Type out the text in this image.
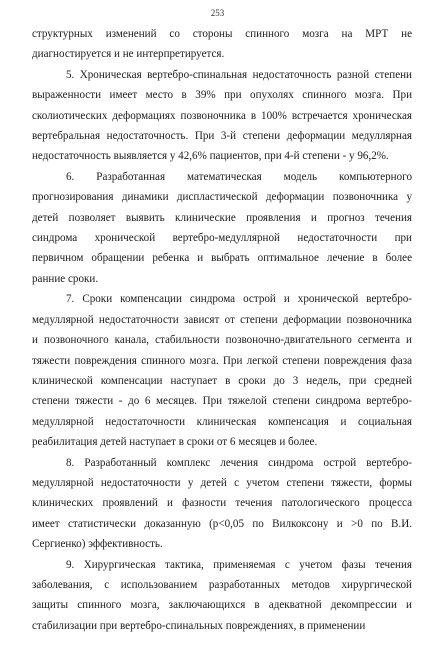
253
структурных изменений со стороны спинного мозга на МРТ не
диагностируется и не интерпретируется.
5. Хроническая вертебро-спинальная недостаточность разной степени
выраженности имеет место в 39% при опухолях спинного мозга. При
сколиотических деформациях позвоночника в 100% встречается хроническая
вертебральная недостаточность. При 3-й степени деформации медуллярная
недостаточность выявляется у 42,6% пациентов, при 4-й степени - у 96,2%.
6. Разработанная математическая модель компьютерного
прогнозирования динамики диспластической деформации позвоночника у
детей позволяет выявить клинические проявления и прогноз течения
синдрома хронической вертебро-медуллярной недостаточности при
первичном обращении ребенка и выбрать оптимальное лечение в более
ранние сроки.
7. Сроки компенсации синдрома острой и хронической вертебро-
медуллярной недостаточности зависят от степени деформации позвоночника
и позвоночного канала, стабильности позвоночно-двигательного сегмента и
тяжести повреждения спинного мозга. При легкой степени повреждения фаза
клинической компенсации наступает в сроки до 3 недель, при средней
степени тяжести - до 6 месяцев. При тяжелой степени синдрома вертебро-
медуллярной недостаточности клиническая компенсация и социальная
реабилитация детей наступает в сроки от 6 месяцев и более.
8. Разработанный комплекс лечения синдрома острой вертебро-
медуллярной недостаточности у детей с учетом степени тяжести, формы
клинических проявлений и фазности течения патологического процесса
имеет статистически доказанную (p<0,05 по Вилкоксону и >0 по В.И.
Сергиенко) эффективность.
9. Хирургическая тактика, применяемая с учетом фазы течения
заболевания, с использованием разработанных методов хирургической
защиты спинного мозга, заключающихся в адекватной декомпрессии и
стабилизации при вертебро-спинальных повреждениях, в применении
